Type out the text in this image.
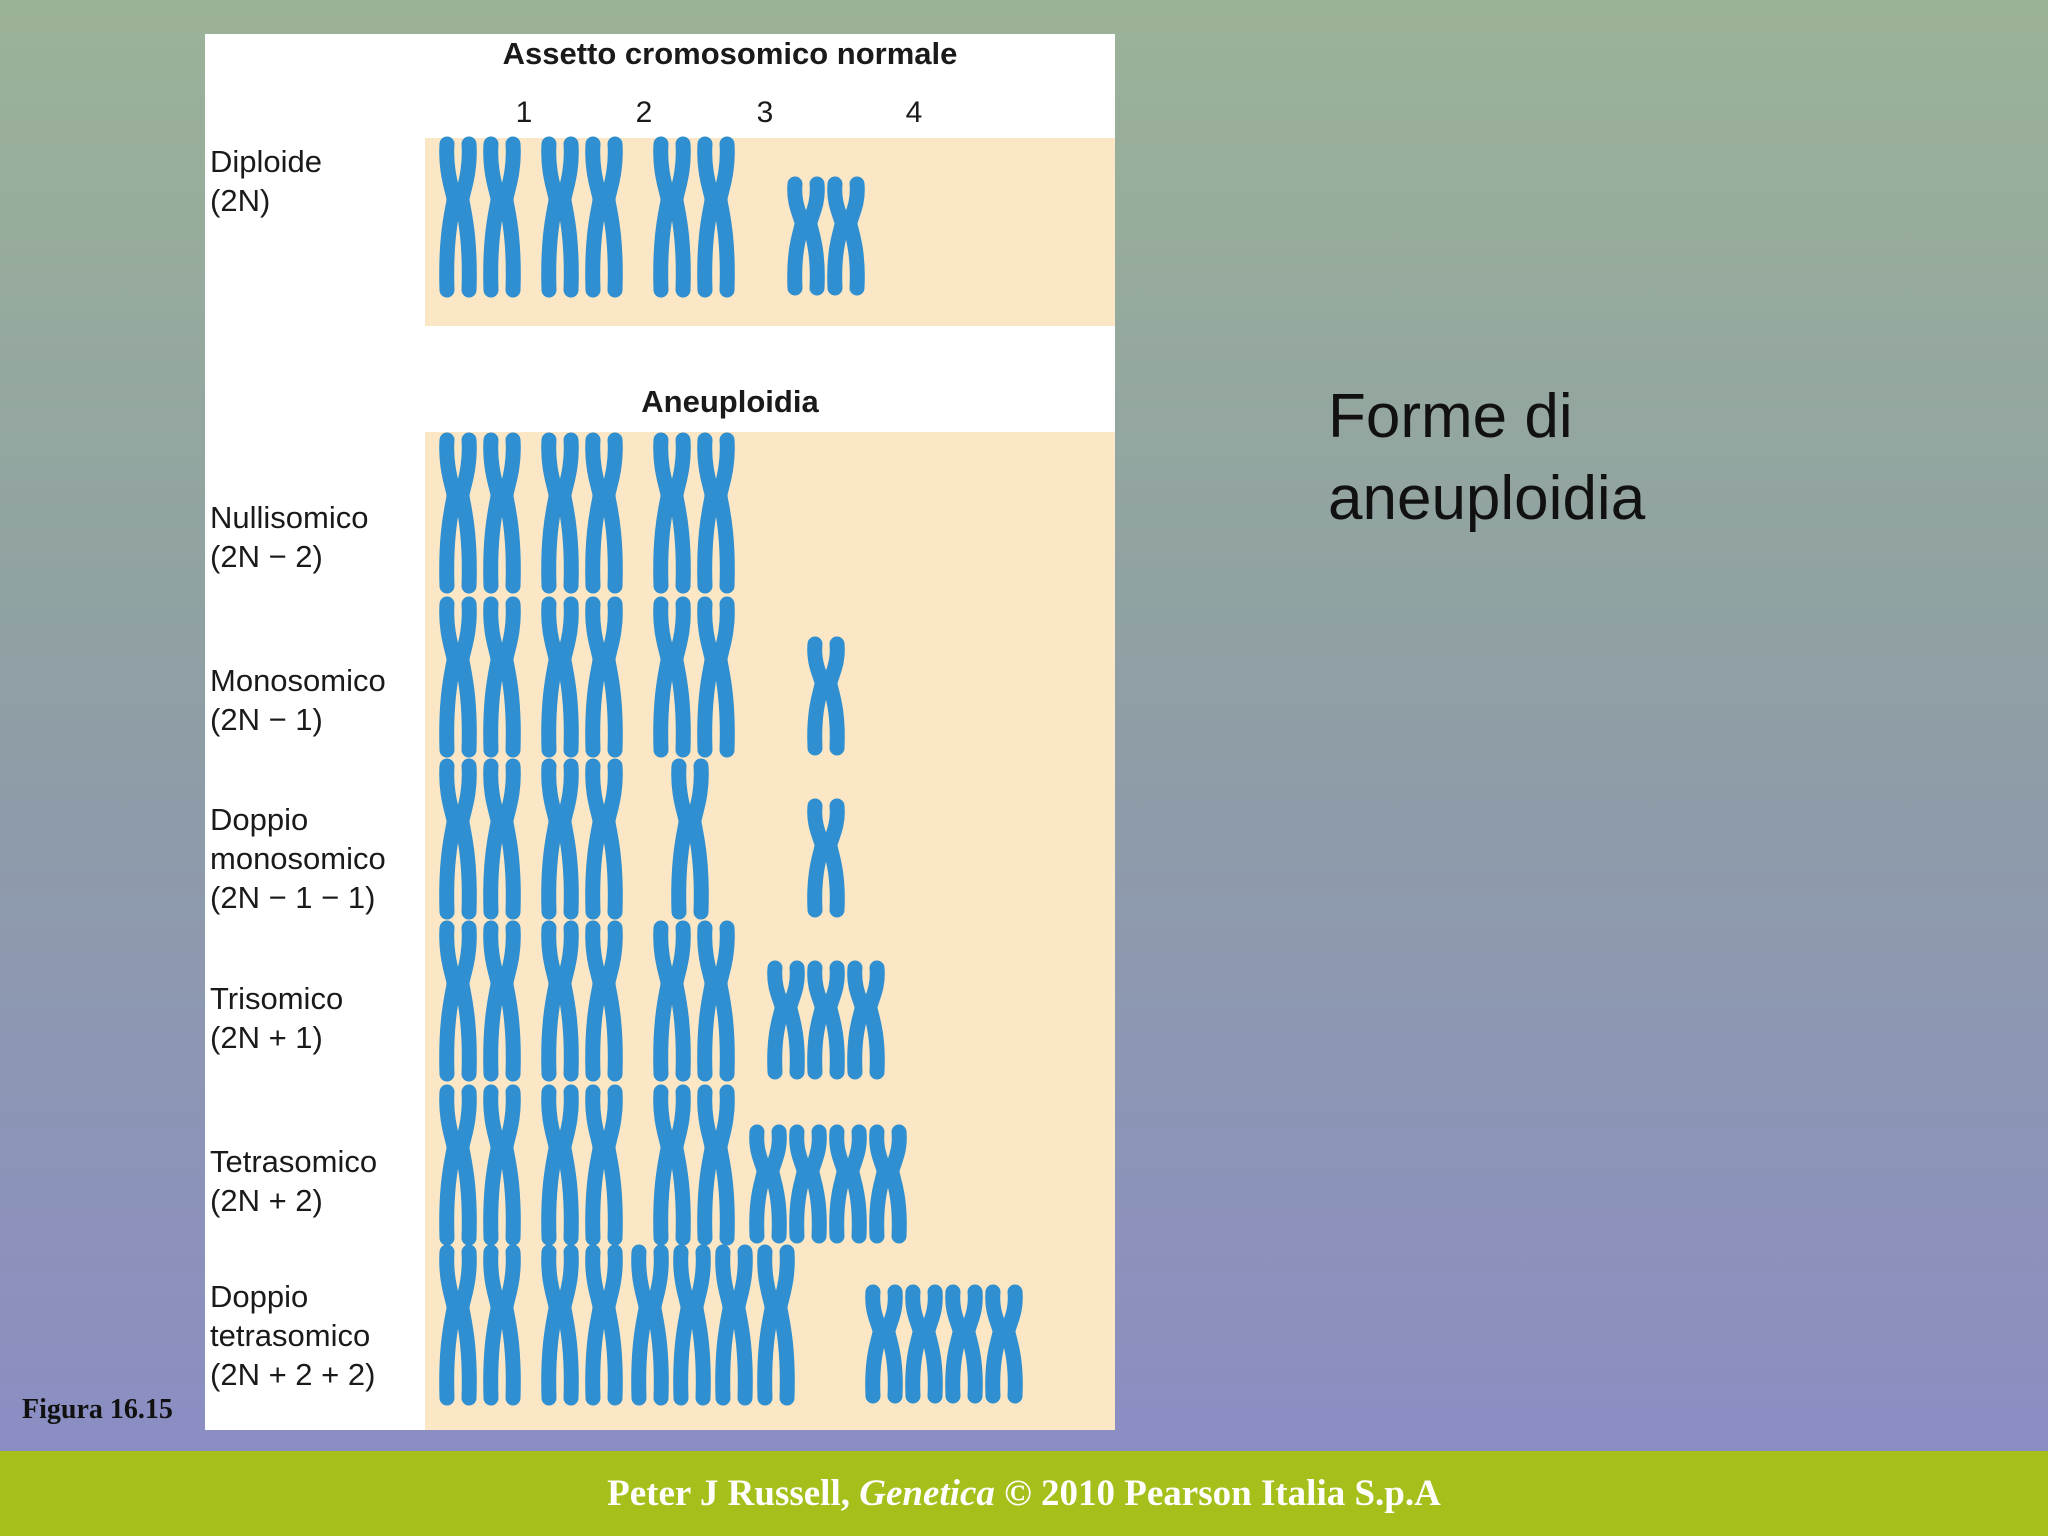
Assetto cromosomico normale
Aneuploidia
1	2	3	4
Diploide
(2N)
Nullisomico
(2N − 2)
Monosomico
(2N − 1)
Doppio
monosomico
(2N − 1 − 1)
Trisomico
(2N + 1)
Tetrasomico
(2N + 2)
Doppio
tetrasomico
(2N + 2 + 2)
Forme di
aneuploidia
Figura 16.15
Peter J Russell, Genetica © 2010 Pearson Italia S.p.A
